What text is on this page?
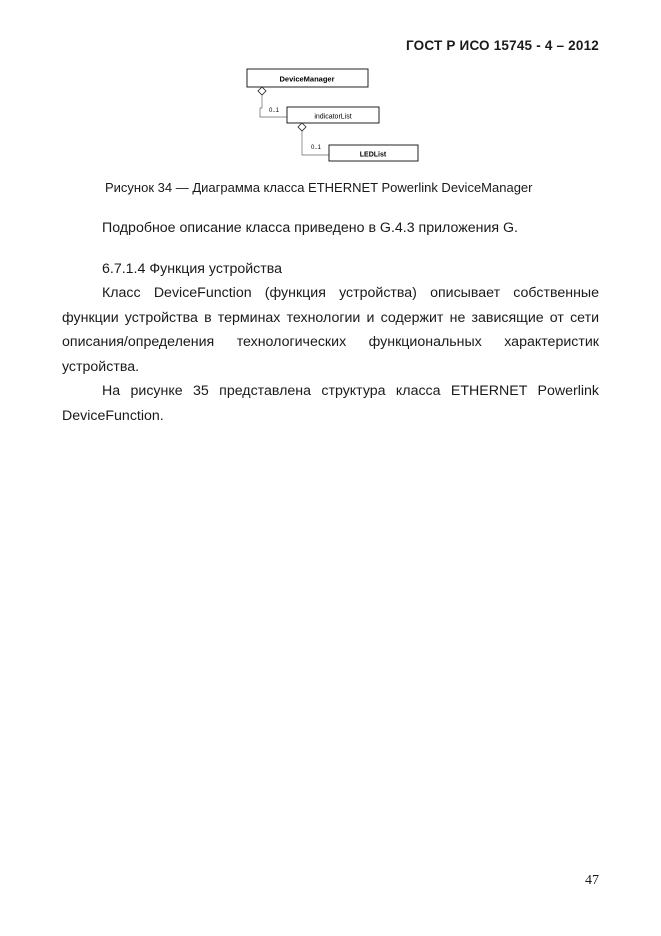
ГОСТ Р ИСО 15745 - 4 – 2012
DeviceManager
0..1
indicatorList
0..1
LEDList
Рисунок 34 — Диаграмма класса ETHERNET Powerlink DeviceManager
Подробное описание класса приведено в G.4.3 приложения G.
6.7.1.4 Функция устройства
Класс DeviceFunction (функция устройства) описывает собственные функции устройства в терминах технологии и содержит не зависящие от сети описания/определения технологических функциональных характеристик устройства.
На рисунке 35 представлена структура класса ETHERNET Powerlink DeviceFunction.
47
